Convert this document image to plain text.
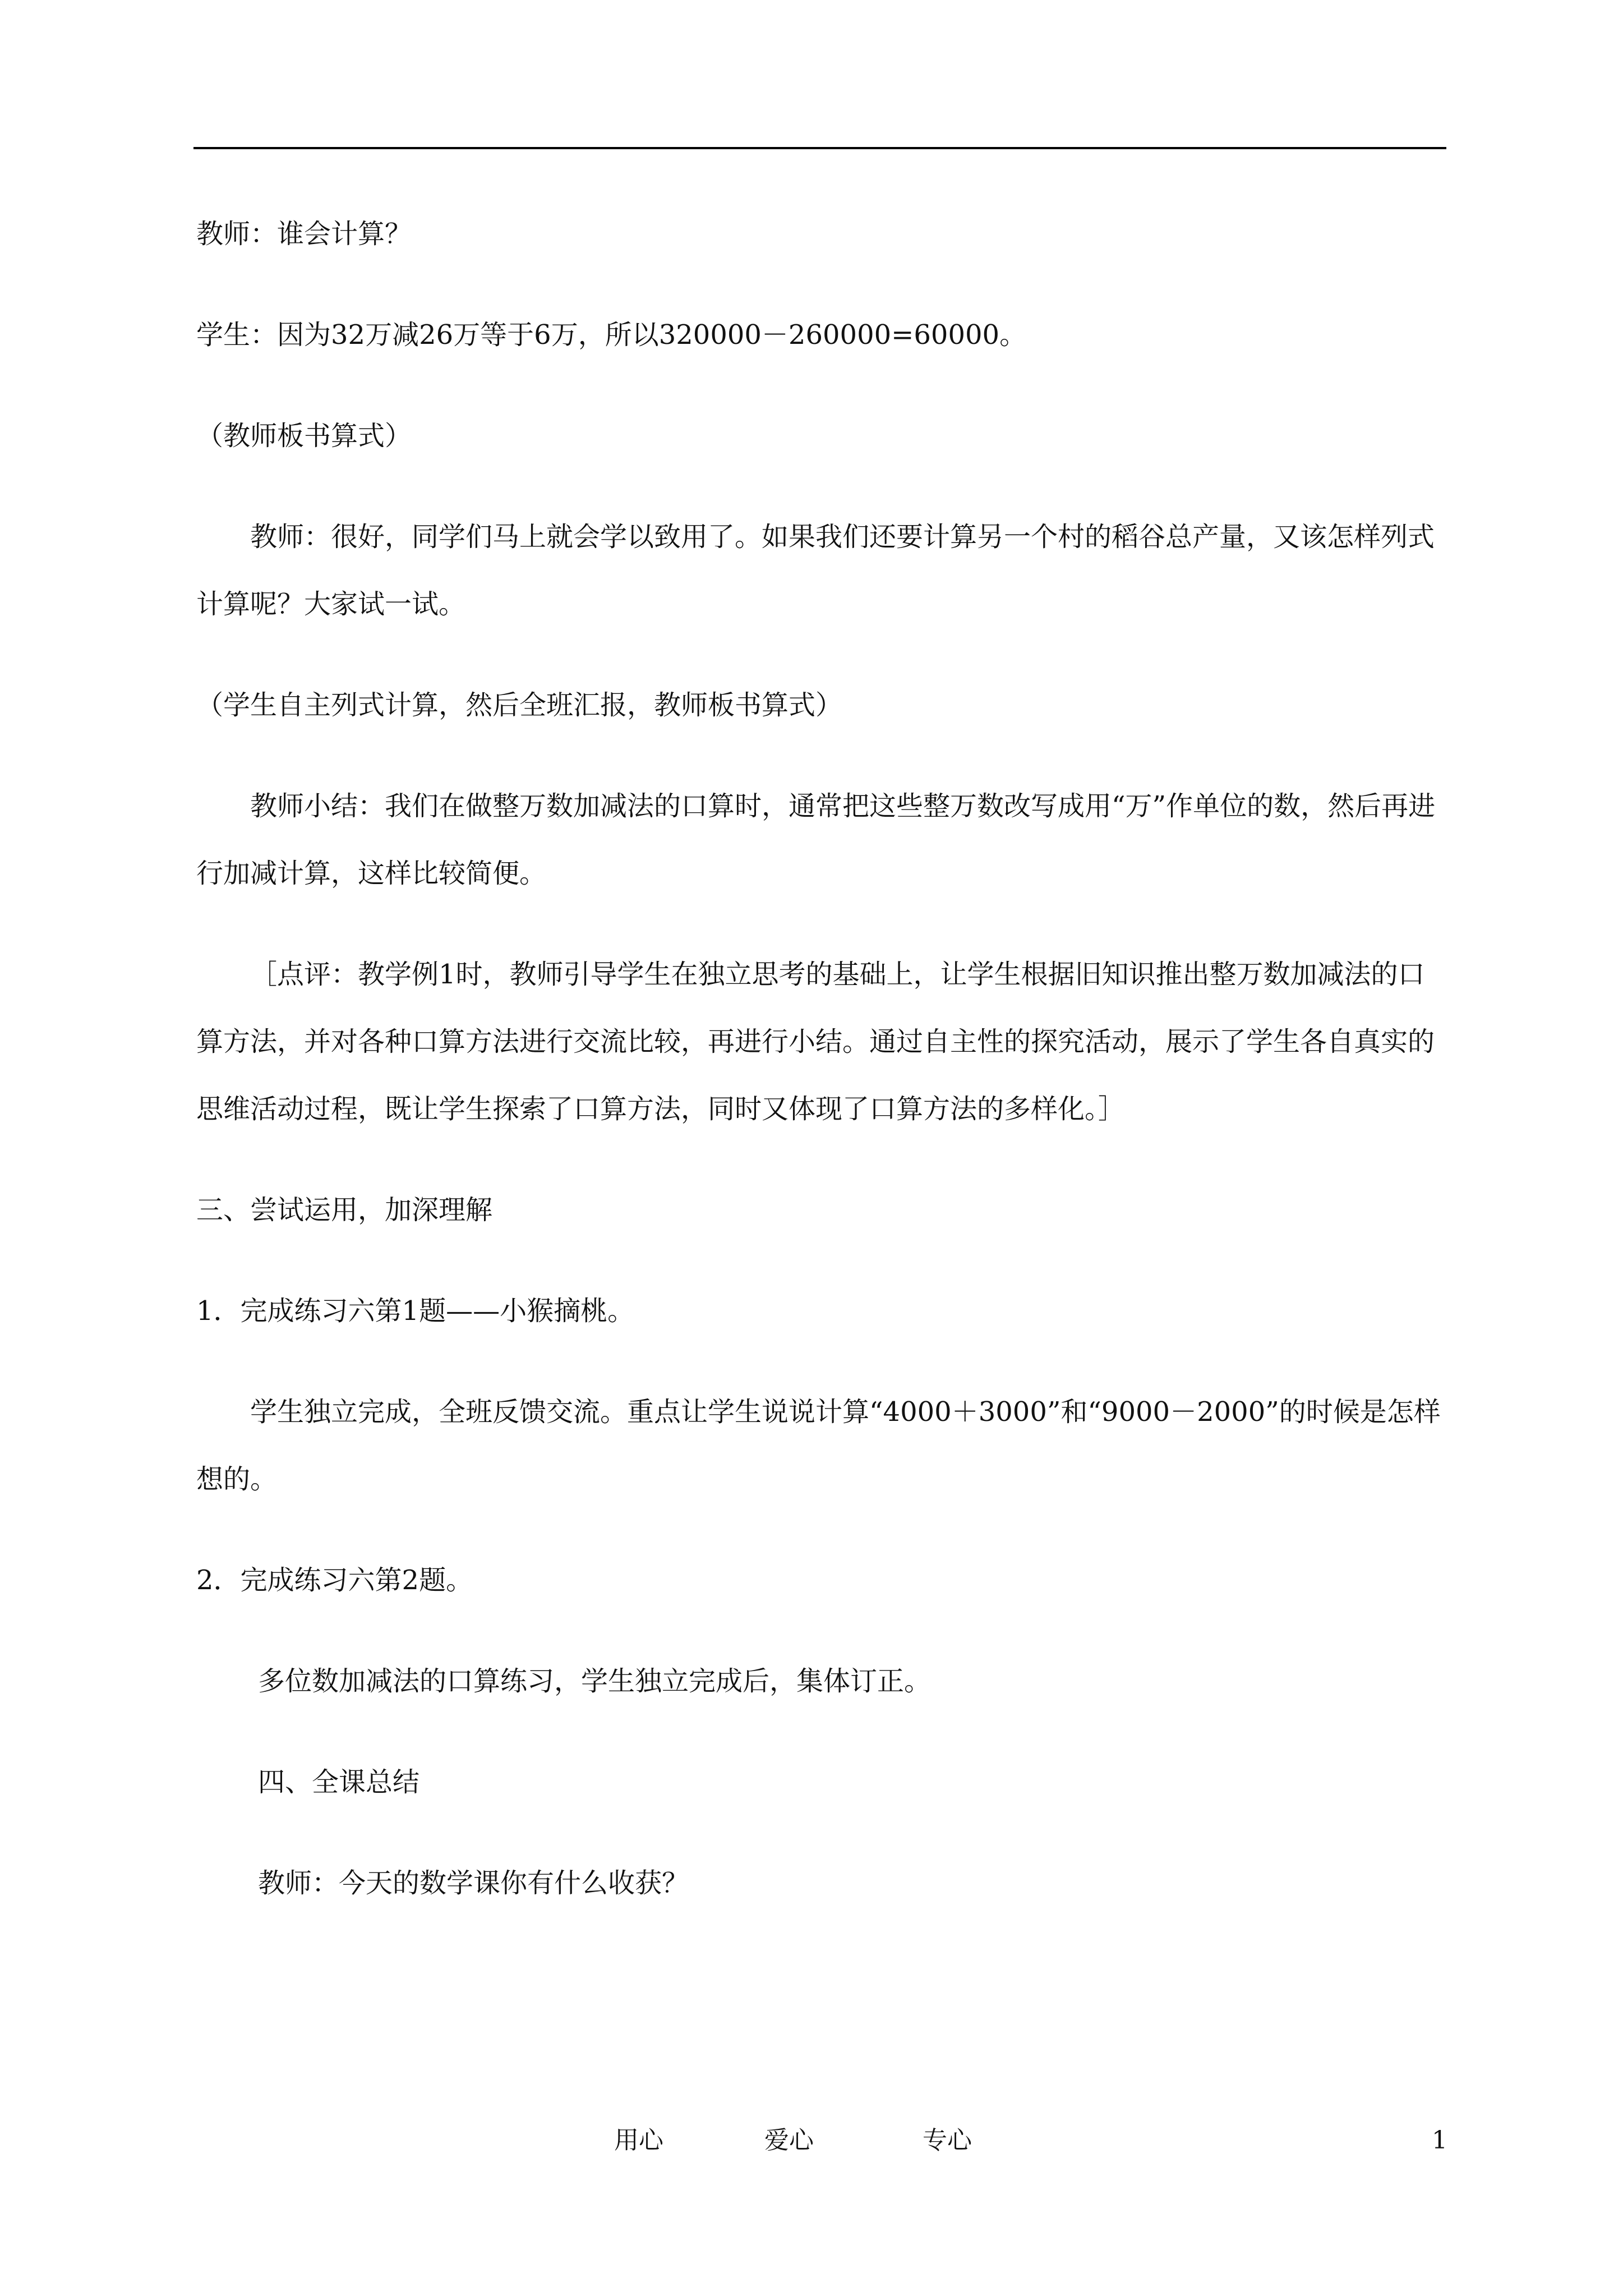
教师：谁会计算？
学生：因为32万减26万等于6万，所以320000－260000=60000。
（教师板书算式）
教师：很好，同学们马上就会学以致用了。如果我们还要计算另一个村的稻谷总产量，又该怎样列式计算呢？大家试一试。
（学生自主列式计算，然后全班汇报，教师板书算式）
教师小结：我们在做整万数加减法的口算时，通常把这些整万数改写成用“万”作单位的数，然后再进行加减计算，这样比较简便。
［点评：教学例1时，教师引导学生在独立思考的基础上，让学生根据旧知识推出整万数加减法的口算方法，并对各种口算方法进行交流比较，再进行小结。通过自主性的探究活动，展示了学生各自真实的思维活动过程，既让学生探索了口算方法，同时又体现了口算方法的多样化。］
三、尝试运用，加深理解
1．完成练习六第1题——小猴摘桃。
学生独立完成，全班反馈交流。重点让学生说说计算“4000＋3000”和“9000－2000”的时候是怎样想的。
2．完成练习六第2题。
多位数加减法的口算练习，学生独立完成后，集体订正。
四、全课总结
教师：今天的数学课你有什么收获？
用心	爱心	专心	1
